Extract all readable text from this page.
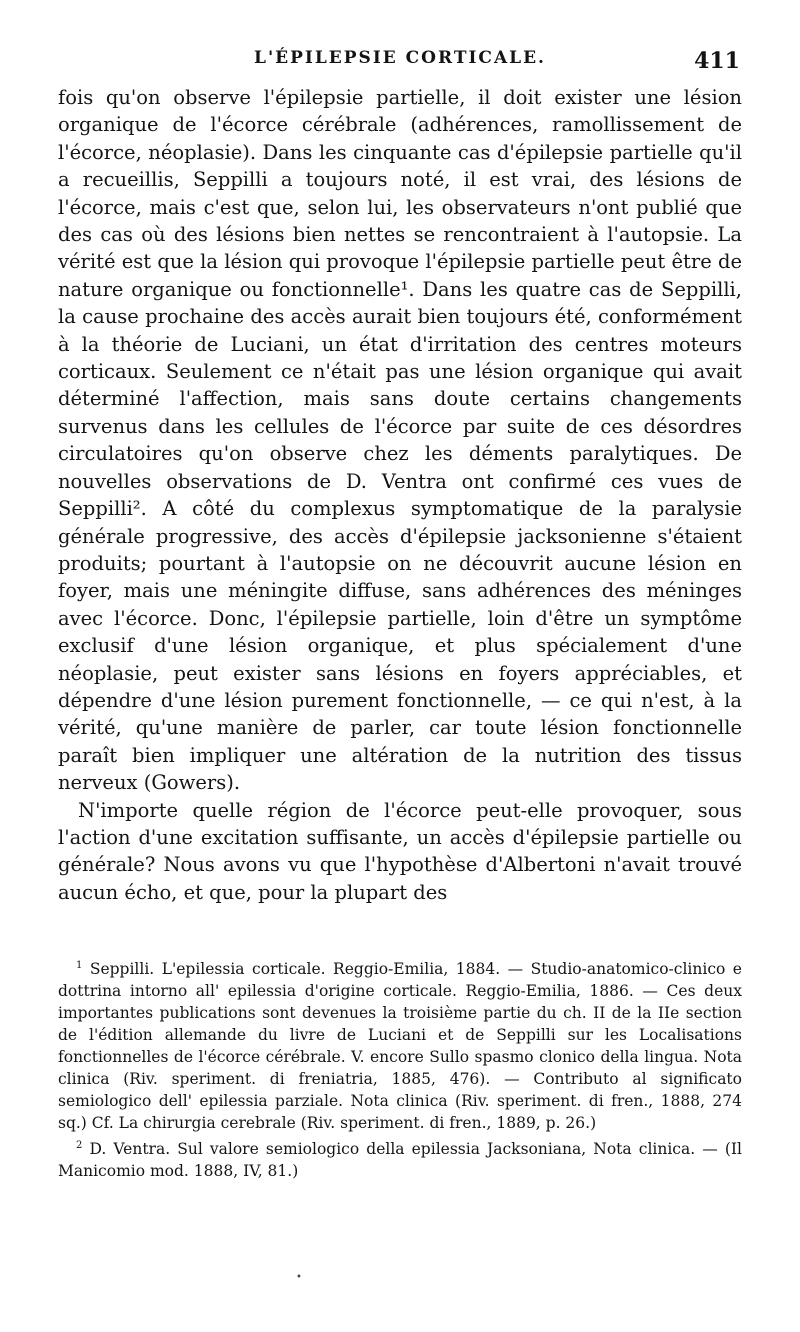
L'ÉPILEPSIE CORTICALE.	411

fois qu'on observe l'épilepsie partielle, il doit exister une lésion organique de l'écorce cérébrale (adhérences, ramollissement de l'écorce, néoplasie). Dans les cinquante cas d'épilepsie partielle qu'il a recueillis, Seppilli a toujours noté, il est vrai, des lésions de l'écorce, mais c'est que, selon lui, les observateurs n'ont publié que des cas où des lésions bien nettes se rencontraient à l'autopsie. La vérité est que la lésion qui provoque l'épilepsie partielle peut être de nature organique ou fonctionnelle¹. Dans les quatre cas de Seppilli, la cause prochaine des accès aurait bien toujours été, conformément à la théorie de Luciani, un état d'irritation des centres moteurs corticaux. Seulement ce n'était pas une lésion organique qui avait déterminé l'affection, mais sans doute certains changements survenus dans les cellules de l'écorce par suite de ces désordres circulatoires qu'on observe chez les déments paralytiques. De nouvelles observations de D. Ventra ont confirmé ces vues de Seppilli². A côté du complexus symptomatique de la paralysie générale progressive, des accès d'épilepsie jacksonienne s'étaient produits; pourtant à l'autopsie on ne découvrit aucune lésion en foyer, mais une méningite diffuse, sans adhérences des méninges avec l'écorce. Donc, l'épilepsie partielle, loin d'être un symptôme exclusif d'une lésion organique, et plus spécialement d'une néoplasie, peut exister sans lésions en foyers appréciables, et dépendre d'une lésion purement fonctionnelle, — ce qui n'est, à la vérité, qu'une manière de parler, car toute lésion fonctionnelle paraît bien impliquer une altération de la nutrition des tissus nerveux (Gowers).

N'importe quelle région de l'écorce peut-elle provoquer, sous l'action d'une excitation suffisante, un accès d'épilepsie partielle ou générale? Nous avons vu que l'hypothèse d'Albertoni n'avait trouvé aucun écho, et que, pour la plupart des

$^1$ Seppilli. L'epilessia corticale. Reggio-Emilia, 1884. — Studio-anatomico-clinico e dottrina intorno all' epilessia d'origine corticale. Reggio-Emilia, 1886. — Ces deux importantes publications sont devenues la troisième partie du ch. II de la IIe section de l'édition allemande du livre de Luciani et de Seppilli sur les Localisations fonctionnelles de l'écorce cérébrale. V. encore Sullo spasmo clonico della lingua. Nota clinica (Riv. speriment. di freniatria, 1885, 476). — Contributo al significato semiologico dell' epilessia parziale. Nota clinica (Riv. speriment. di fren., 1888, 274 sq.) Cf. La chirurgia cerebrale (Riv. speriment. di fren., 1889, p. 26.)

$^2$ D. Ventra. Sul valore semiologico della epilessia Jacksoniana, Nota clinica. — (Il Manicomio mod. 1888, IV, 81.)

•
